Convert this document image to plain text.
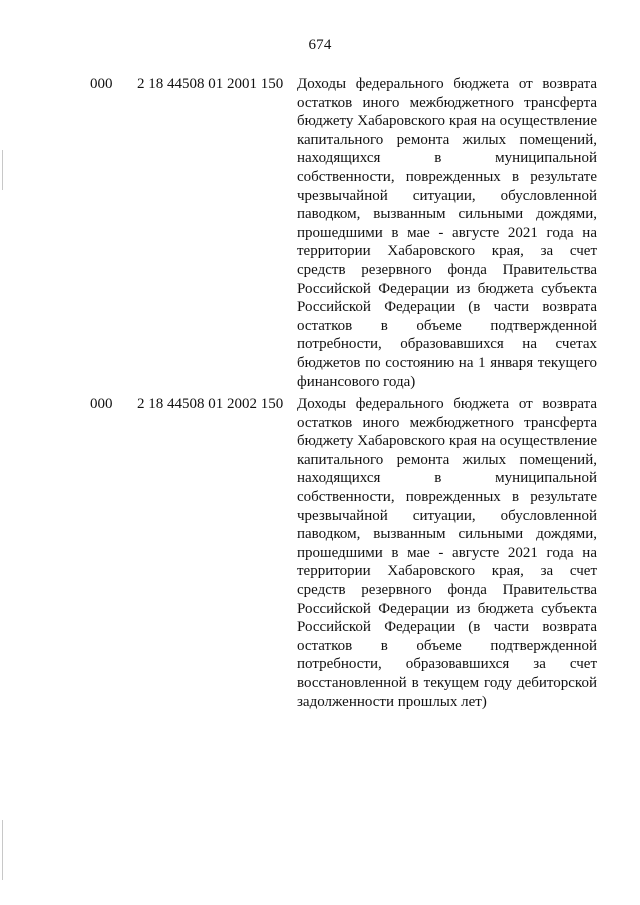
674
000 2 18 44508 01 2001 150 Доходы федерального бюджета от возврата остатков иного межбюджетного трансферта бюджету Хабаровского края на осуществление капитального ремонта жилых помещений, находящихся в муниципальной собственности, поврежденных в результате чрезвычайной ситуации, обусловленной паводком, вызванным сильными дождями, прошедшими в мае - августе 2021 года на территории Хабаровского края, за счет средств резервного фонда Правительства Российской Федерации из бюджета субъекта Российской Федерации (в части возврата остатков в объеме подтвержденной потребности, образовавшихся на счетах бюджетов по состоянию на 1 января текущего финансового года)
000 2 18 44508 01 2002 150 Доходы федерального бюджета от возврата остатков иного межбюджетного трансферта бюджету Хабаровского края на осуществление капитального ремонта жилых помещений, находящихся в муниципальной собственности, поврежденных в результате чрезвычайной ситуации, обусловленной паводком, вызванным сильными дождями, прошедшими в мае - августе 2021 года на территории Хабаровского края, за счет средств резервного фонда Правительства Российской Федерации из бюджета субъекта Российской Федерации (в части возврата остатков в объеме подтвержденной потребности, образовавшихся за счет восстановленной в текущем году дебиторской задолженности прошлых лет)
